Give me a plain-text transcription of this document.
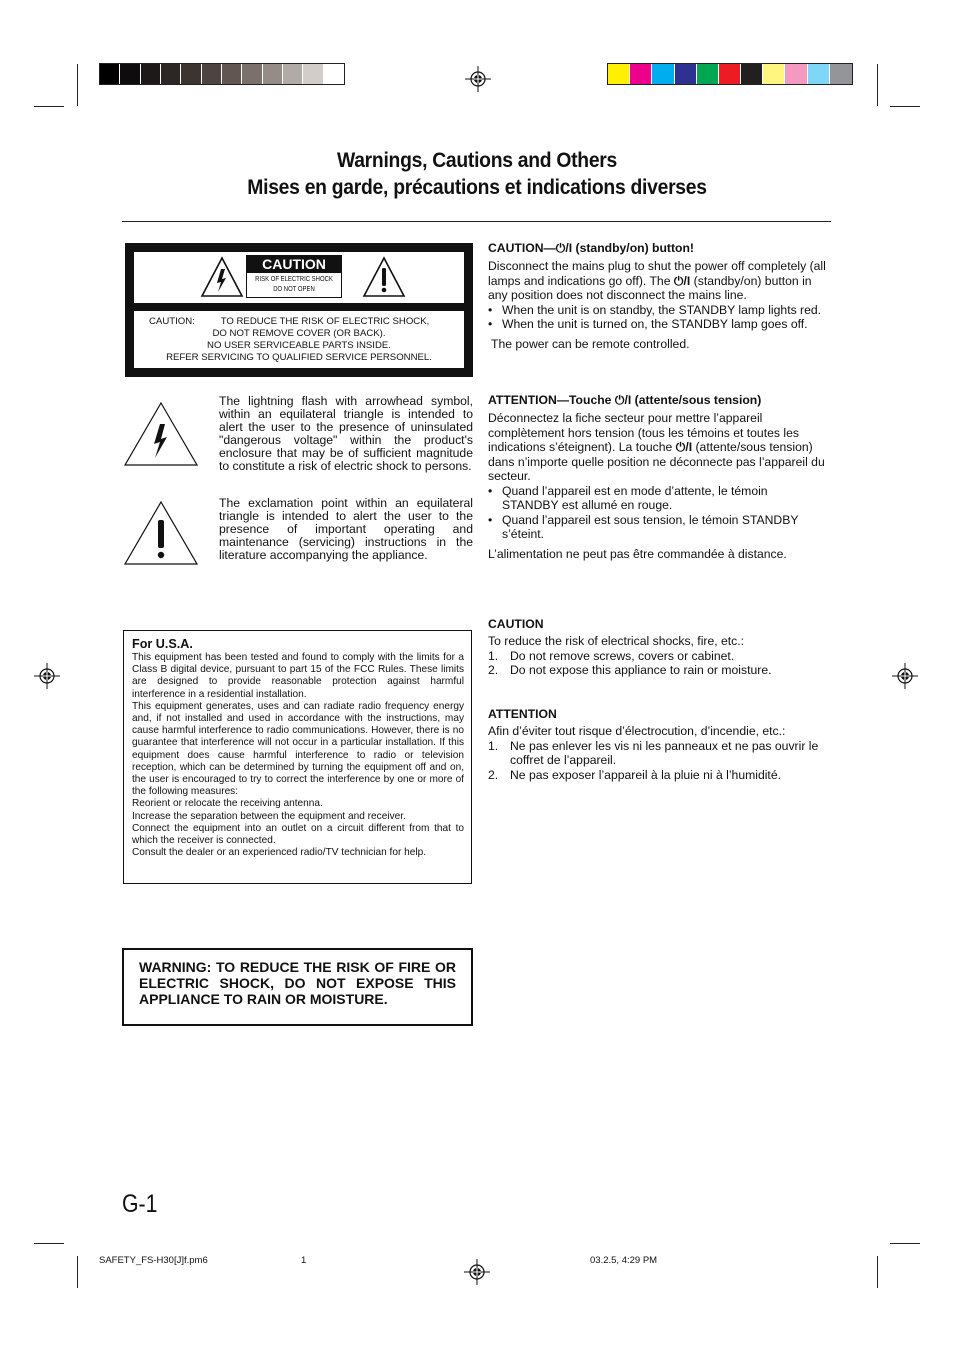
Warnings, Cautions and Others
Mises en garde, précautions et indications diverses
CAUTION
RISK OF ELECTRIC SHOCK
DO NOT OPEN
CAUTION:	TO REDUCE THE RISK OF ELECTRIC SHOCK,
DO NOT REMOVE COVER (OR BACK).
NO USER SERVICEABLE PARTS INSIDE.
REFER SERVICING TO QUALIFIED SERVICE PERSONNEL.
The lightning flash with arrowhead symbol, within an equilateral triangle is intended to alert the user to the presence of uninsulated "dangerous voltage" within the product's enclosure that may be of sufficient magnitude to constitute a risk of electric shock to persons.
The exclamation point within an equilateral triangle is intended to alert the user to the presence of important operating and maintenance (servicing) instructions in the literature accompanying the appliance.
CAUTION—⏻/I (standby/on) button!
Disconnect the mains plug to shut the power off completely (all lamps and indications go off). The ⏻/I (standby/on) button in any position does not disconnect the mains line.
• When the unit is on standby, the STANDBY lamp lights red.
• When the unit is turned on, the STANDBY lamp goes off.
The power can be remote controlled.
ATTENTION—Touche ⏻/I (attente/sous tension)
Déconnectez la fiche secteur pour mettre l’appareil complètement hors tension (tous les témoins et toutes les indications s’éteignent). La touche ⏻/I (attente/sous tension) dans n’importe quelle position ne déconnecte pas l’appareil du secteur.
• Quand l’appareil est en mode d’attente, le témoin STANDBY est allumé en rouge.
• Quand l’appareil est sous tension, le témoin STANDBY s’éteint.
L’alimentation ne peut pas être commandée à distance.
For U.S.A.

This equipment has been tested and found to comply with the limits for a Class B digital device, pursuant to part 15 of the FCC Rules. These limits are designed to provide reasonable protection against harmful interference in a residential installation.

This equipment generates, uses and can radiate radio frequency energy and, if not installed and used in accordance with the instructions, may cause harmful interference to radio communications. However, there is no guarantee that interference will not occur in a particular installation. If this equipment does cause harmful interference to radio or television reception, which can be determined by turning the equipment off and on, the user is encouraged to try to correct the interference by one or more of the following measures:

Reorient or relocate the receiving antenna.

Increase the separation between the equipment and receiver.

Connect the equipment into an outlet on a circuit different from that to which the receiver is connected.

Consult the dealer or an experienced radio/TV technician for help.

CAUTION
To reduce the risk of electrical shocks, fire, etc.:
1. Do not remove screws, covers or cabinet.
2. Do not expose this appliance to rain or moisture.
ATTENTION
Afin d’éviter tout risque d’électrocution, d’incendie, etc.:
1. Ne pas enlever les vis ni les panneaux et ne pas ouvrir le coffret de l’appareil.
2. Ne pas exposer l’appareil à la pluie ni à l’humidité.
WARNING: TO REDUCE THE RISK OF FIRE OR ELECTRIC SHOCK, DO NOT EXPOSE THIS APPLIANCE TO RAIN OR MOISTURE.
G-1
SAFETY_FS-H30[J]f.pm6	1	03.2.5, 4:29 PM
